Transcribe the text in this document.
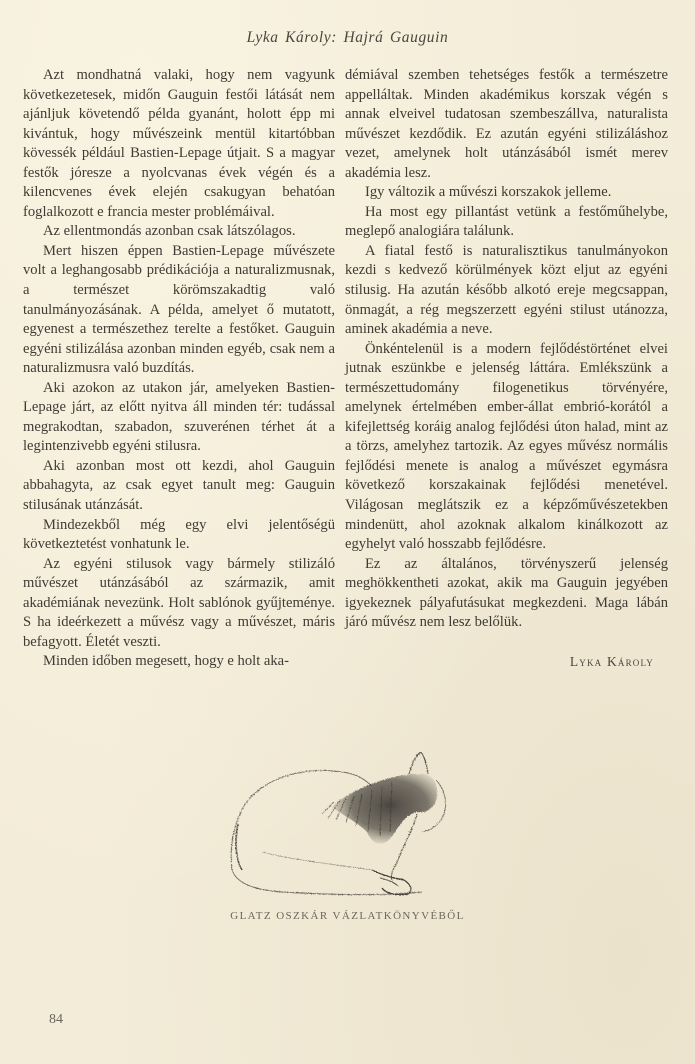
Lyka Károly: Hajrá Gauguin

Azt mondhatná valaki, hogy nem vagyunk következetesek, midőn Gauguin festői látását nem ajánljuk követendő példa gyanánt, holott épp mi kivántuk, hogy művészeink mentül kitartóbban kövessék például Bastien-Lepage útjait. S a magyar festők jóresze a nyolcvanas évek végén és a kilencvenes évek elején csakugyan behatóan foglalkozott e francia mester problémáival.

Az ellentmondás azonban csak látszólagos.

Mert hiszen éppen Bastien-Lepage művészete volt a leghangosabb prédikációja a naturalizmusnak, a természet körömszakadtig való tanulmányozásának. A példa, amelyet ő mutatott, egyenest a természethez terelte a festőket. Gauguin egyéni stilizálása azonban minden egyéb, csak nem a naturalizmusra való buzdítás.

Aki azokon az utakon jár, amelyeken Bastien-Lepage járt, az előtt nyitva áll minden tér: tudással megrakodtan, szabadon, szuverénen térhet át a legintenzivebb egyéni stilusra.

Aki azonban most ott kezdi, ahol Gauguin abbahagyta, az csak egyet tanult meg: Gauguin stilusának utánzását.

Mindezekből még egy elvi jelentőségü következtetést vonhatunk le.

Az egyéni stilusok vagy bármely stilizáló művészet utánzásából az származik, amit akadémiának nevezünk. Holt sablónok gyűjteménye. S ha ideérkezett a művész vagy a művészet, máris befagyott. Életét veszti.

Minden időben megesett, hogy e holt aka-

démiával szemben tehetséges festők a természetre appelláltak. Minden akadémikus korszak végén s annak elveivel tudatosan szembeszállva, naturalista művészet kezdődik. Ez azután egyéni stilizáláshoz vezet, amelynek holt utánzásából ismét merev akadémia lesz.

Igy változik a művészi korszakok jelleme.

Ha most egy pillantást vetünk a festőműhelybe, meglepő analogiára találunk.

A fiatal festő is naturalisztikus tanulmányokon kezdi s kedvező körülmények közt eljut az egyéni stilusig. Ha azután később alkotó ereje megcsappan, önmagát, a rég megszerzett egyéni stilust utánozza, aminek akadémia a neve.

Önkéntelenül is a modern fejlődéstörténet elvei jutnak eszünkbe e jelenség láttára. Emlékszünk a természettudomány filogenetikus törvényére, amelynek értelmében ember-állat embrió-korától a kifejlettség koráig analog fejlődési úton halad, mint az a törzs, amelyhez tartozik. Az egyes művész normális fejlődési menete is analog a művészet egymásra következő korszakainak fejlődési menetével. Világosan meglátszik ez a képzőművészetekben mindenütt, ahol azoknak alkalom kinálkozott az egyhelyt való hosszabb fejlődésre.

Ez az általános, törvényszerű jelenség meghökkentheti azokat, akik ma Gauguin jegyében igyekeznek pályafutásukat megkezdeni. Maga lábán járó művész nem lesz belőlük.

Lyka Károly

GLATZ OSZKÁR VÁZLATKÖNYVÉBŐL
84
